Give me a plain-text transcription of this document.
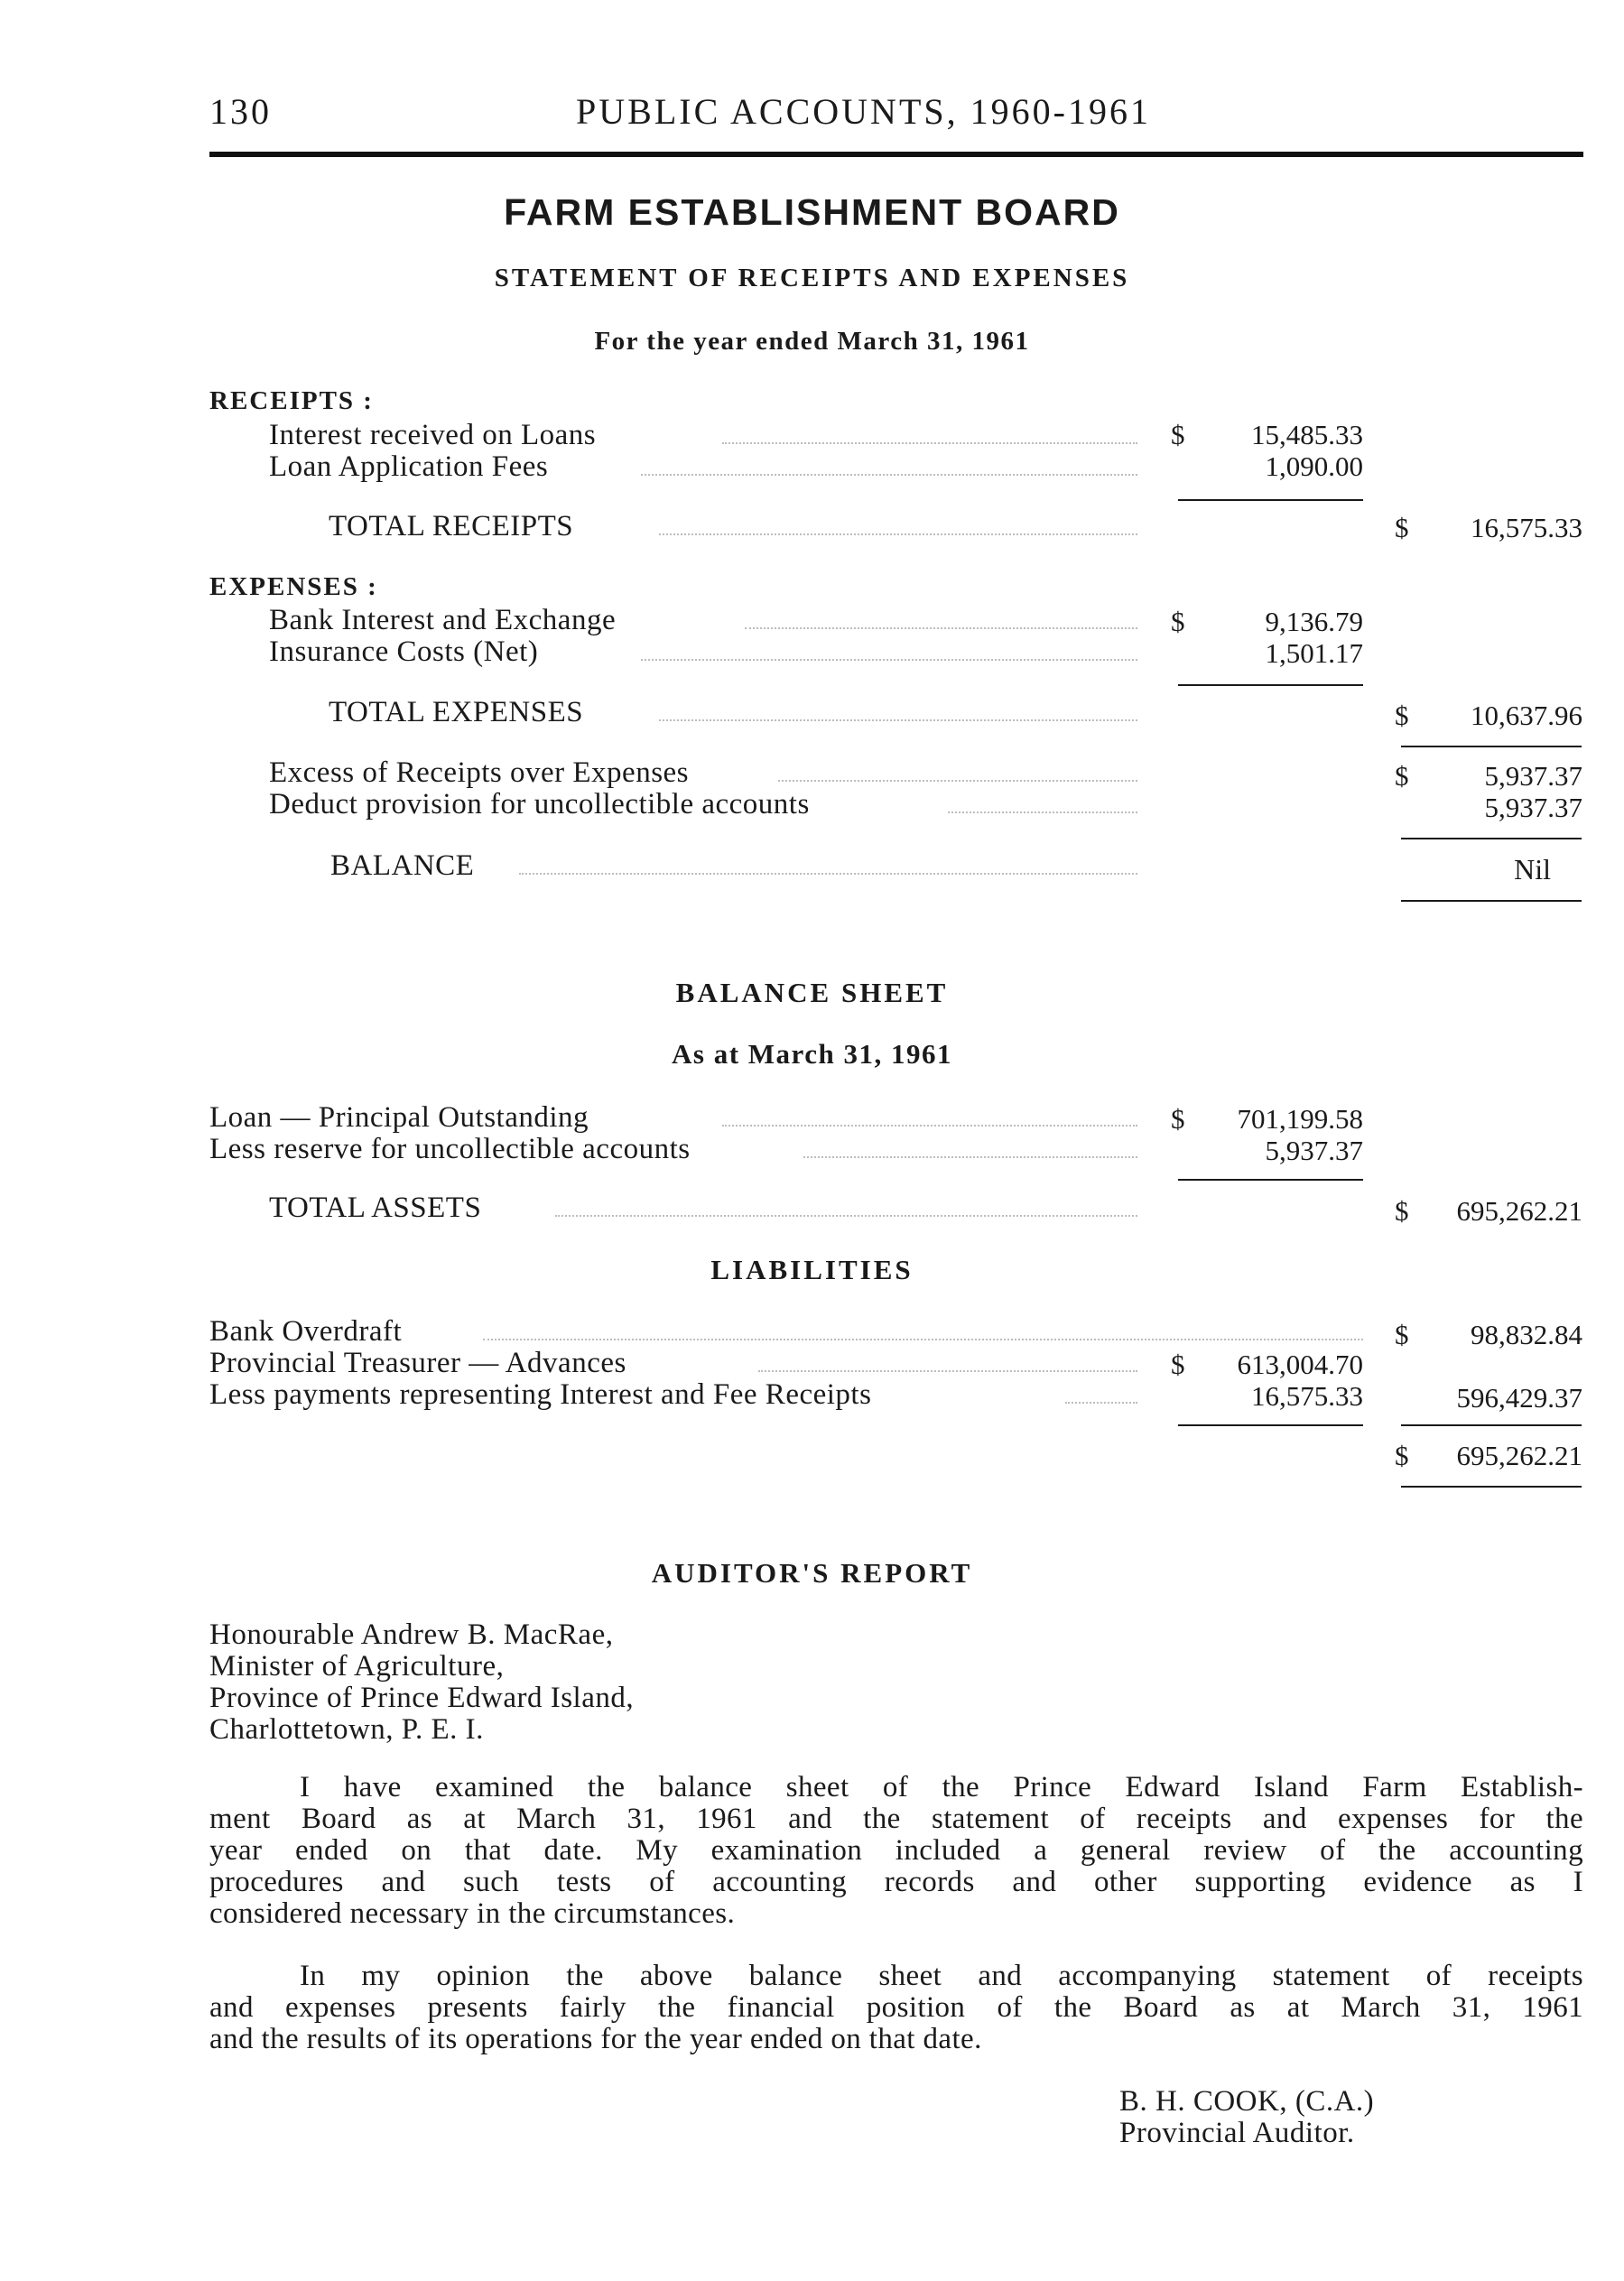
130	PUBLIC ACCOUNTS, 1960-1961
FARM ESTABLISHMENT BOARD
STATEMENT OF RECEIPTS AND EXPENSES
For the year ended March 31, 1961
RECEIPTS :
Interest received on Loans	$	15,485.33
Loan Application Fees	1,090.00
TOTAL RECEIPTS	$	16,575.33
EXPENSES :
Bank Interest and Exchange	$	9,136.79
Insurance Costs (Net)	1,501.17
TOTAL EXPENSES	$	10,637.96
Excess of Receipts over Expenses	$	5,937.37
Deduct provision for uncollectible accounts	5,937.37
BALANCE	Nil
BALANCE SHEET
As at March 31, 1961
Loan — Principal Outstanding	$	701,199.58
Less reserve for uncollectible accounts	5,937.37
TOTAL ASSETS	$	695,262.21
LIABILITIES
Bank Overdraft	$	98,832.84
Provincial Treasurer — Advances	$	613,004.70
Less payments representing Interest and Fee Receipts	16,575.33	596,429.37
$	695,262.21
AUDITOR'S REPORT
Honourable Andrew B. MacRae,
Minister of Agriculture,
Province of Prince Edward Island,
Charlottetown, P. E. I.
I have examined the balance sheet of the Prince Edward Island Farm Establish-
ment Board as at March 31, 1961 and the statement of receipts and expenses for the
year ended on that date. My examination included a general review of the accounting
procedures and such tests of accounting records and other supporting evidence as I
considered necessary in the circumstances.
In my opinion the above balance sheet and accompanying statement of receipts
and expenses presents fairly the financial position of the Board as at March 31, 1961
and the results of its operations for the year ended on that date.
B. H. COOK, (C.A.)
Provincial Auditor.
